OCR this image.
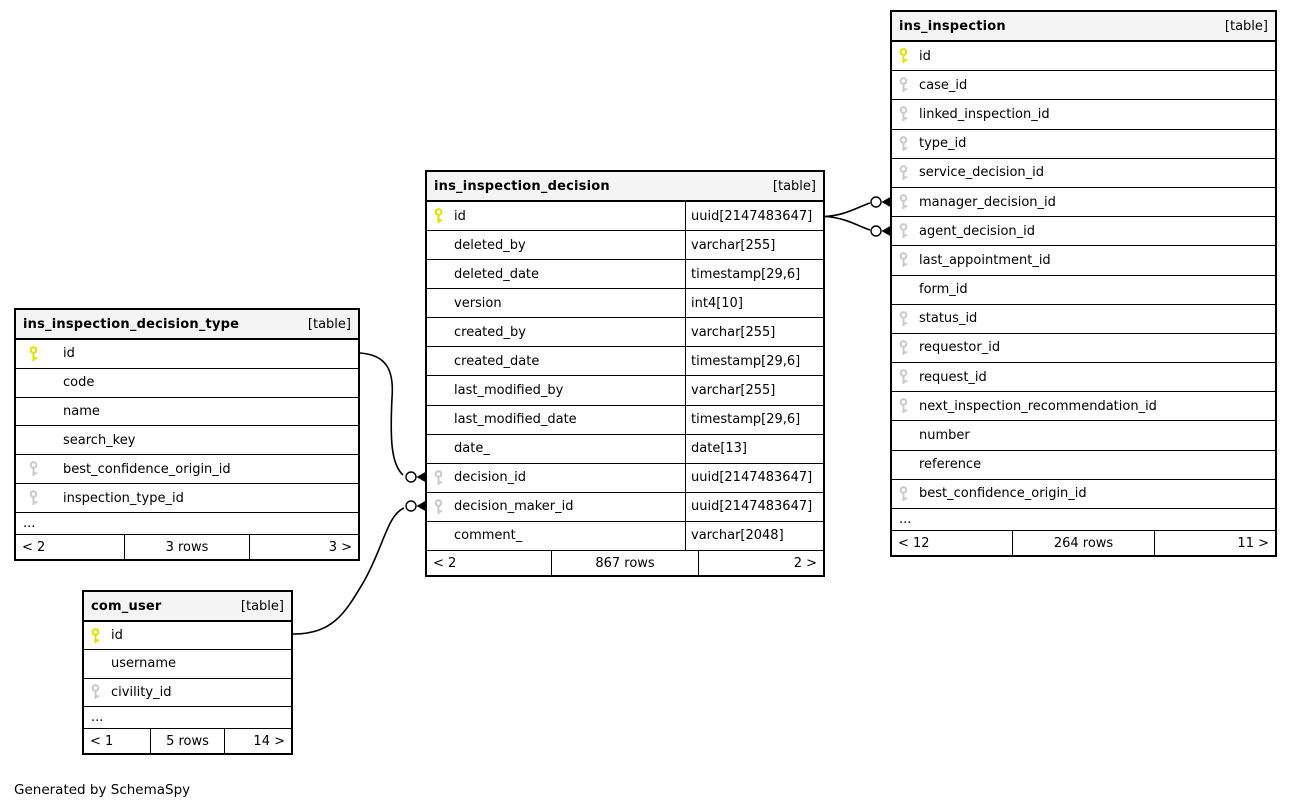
ins_inspection	[table]
id
case_id
linked_inspection_id
type_id
service_decision_id
manager_decision_id
agent_decision_id
last_appointment_id
form_id
status_id
requestor_id
request_id
next_inspection_recommendation_id
number
reference
best_confidence_origin_id
...
< 12	264 rows	11 >
ins_inspection_decision	[table]
id	uuid[2147483647]
deleted_by	varchar[255]
deleted_date	timestamp[29,6]
version	int4[10]
created_by	varchar[255]
created_date	timestamp[29,6]
last_modified_by	varchar[255]
last_modified_date	timestamp[29,6]
date_	date[13]
decision_id	uuid[2147483647]
decision_maker_id	uuid[2147483647]
comment_	varchar[2048]
< 2	867 rows	2 >
ins_inspection_decision_type	[table]
id
code
name
search_key
best_confidence_origin_id
inspection_type_id
...
< 2	3 rows	3 >
com_user	[table]
id
username
civility_id
...
< 1	5 rows	14 >
Generated by SchemaSpy
